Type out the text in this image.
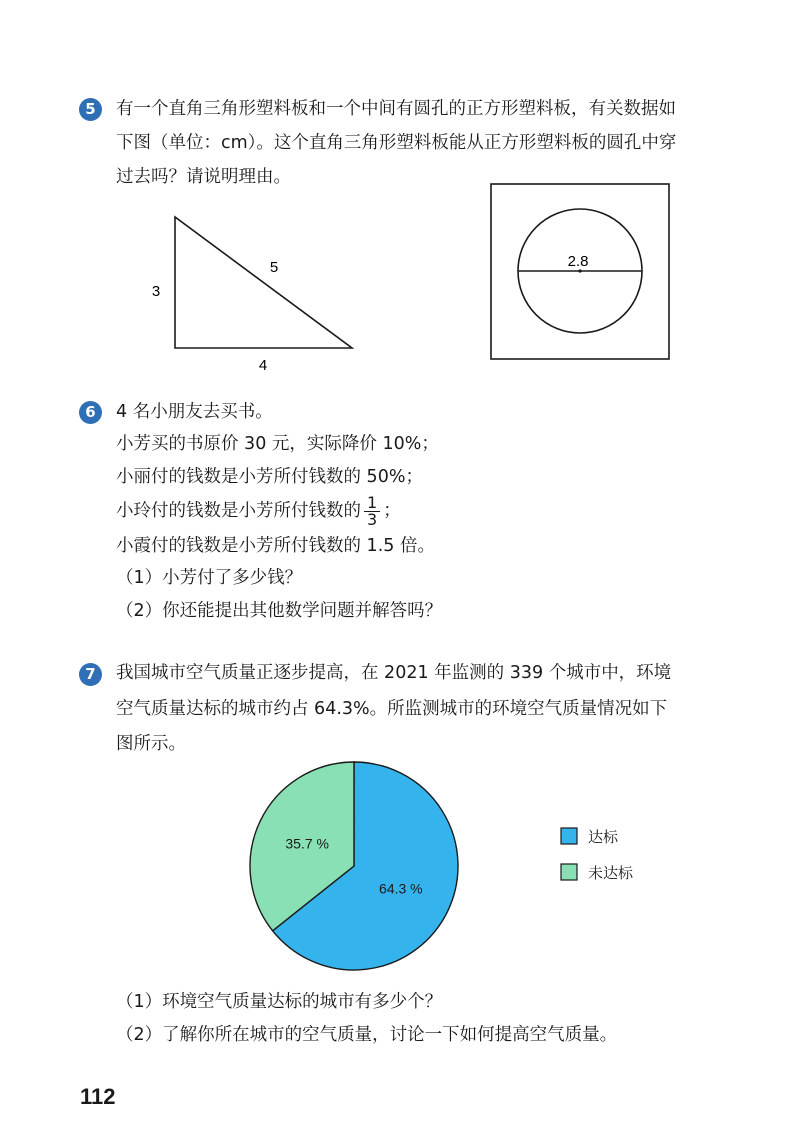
5	有一个直角三角形塑料板和一个中间有圆孔的正方形塑料板，有关数据如
下图（单位：cm）。这个直角三角形塑料板能从正方形塑料板的圆孔中穿
过去吗？请说明理由。
3
5
4
2.8
6	4 名小朋友去买书。
小芳买的书原价 30 元，实际降价 10%；
小丽付的钱数是小芳所付钱数的 50%；
小玲付的钱数是小芳所付钱数的 $\frac{1}{3}$ ；
小霞付的钱数是小芳所付钱数的 1.5 倍。
（1）小芳付了多少钱？
（2）你还能提出其他数学问题并解答吗？
7	我国城市空气质量正逐步提高，在 2021 年监测的 339 个城市中，环境
空气质量达标的城市约占 64.3%。所监测城市的环境空气质量情况如下
图所示。
64.3 %
35.7 %	达标
未达标
（1）环境空气质量达标的城市有多少个？
（2）了解你所在城市的空气质量，讨论一下如何提高空气质量。
112
